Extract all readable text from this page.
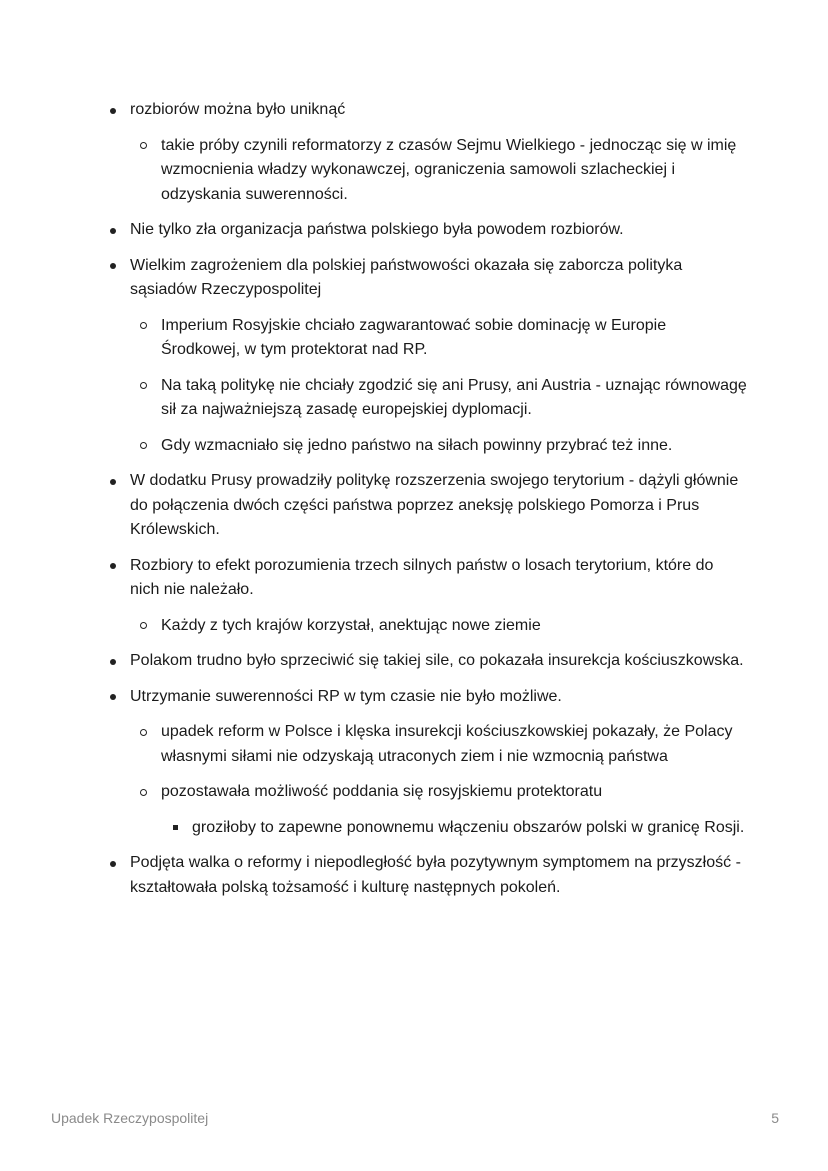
rozbiorów można było uniknąć
takie próby czynili reformatorzy z czasów Sejmu Wielkiego - jednocząc się w imię wzmocnienia władzy wykonawczej, ograniczenia samowoli szlacheckiej i odzyskania suwerenności.
Nie tylko zła organizacja państwa polskiego była powodem rozbiorów.
Wielkim zagrożeniem dla polskiej państwowości okazała się zaborcza polityka sąsiadów Rzeczypospolitej
Imperium Rosyjskie chciało zagwarantować sobie dominację w Europie Środkowej, w tym protektorat nad RP.
Na taką politykę nie chciały zgodzić się ani Prusy, ani Austria - uznając równowagę sił za najważniejszą zasadę europejskiej dyplomacji.
Gdy wzmacniało się jedno państwo na siłach powinny przybrać też inne.
W dodatku Prusy prowadziły politykę rozszerzenia swojego terytorium - dążyli głównie do połączenia dwóch części państwa poprzez aneksję polskiego Pomorza i Prus Królewskich.
Rozbiory to efekt porozumienia trzech silnych państw o losach terytorium, które do nich nie należało.
Każdy z tych krajów korzystał, anektując nowe ziemie
Polakom trudno było sprzeciwić się takiej sile, co pokazała insurekcja kościuszkowska.
Utrzymanie suwerenności RP w tym czasie nie było możliwe.
upadek reform w Polsce i klęska insurekcji kościuszkowskiej pokazały, że Polacy własnymi siłami nie odzyskają utraconych ziem i nie wzmocnią państwa
pozostawała możliwość poddania się rosyjskiemu protektoratu
groziłoby to zapewne ponownemu włączeniu obszarów polski w granicę Rosji.
Podjęta walka o reformy i niepodległość była pozytywnym symptomem na przyszłość - kształtowała polską tożsamość i kulturę następnych pokoleń.
Upadek Rzeczypospolitej	5
